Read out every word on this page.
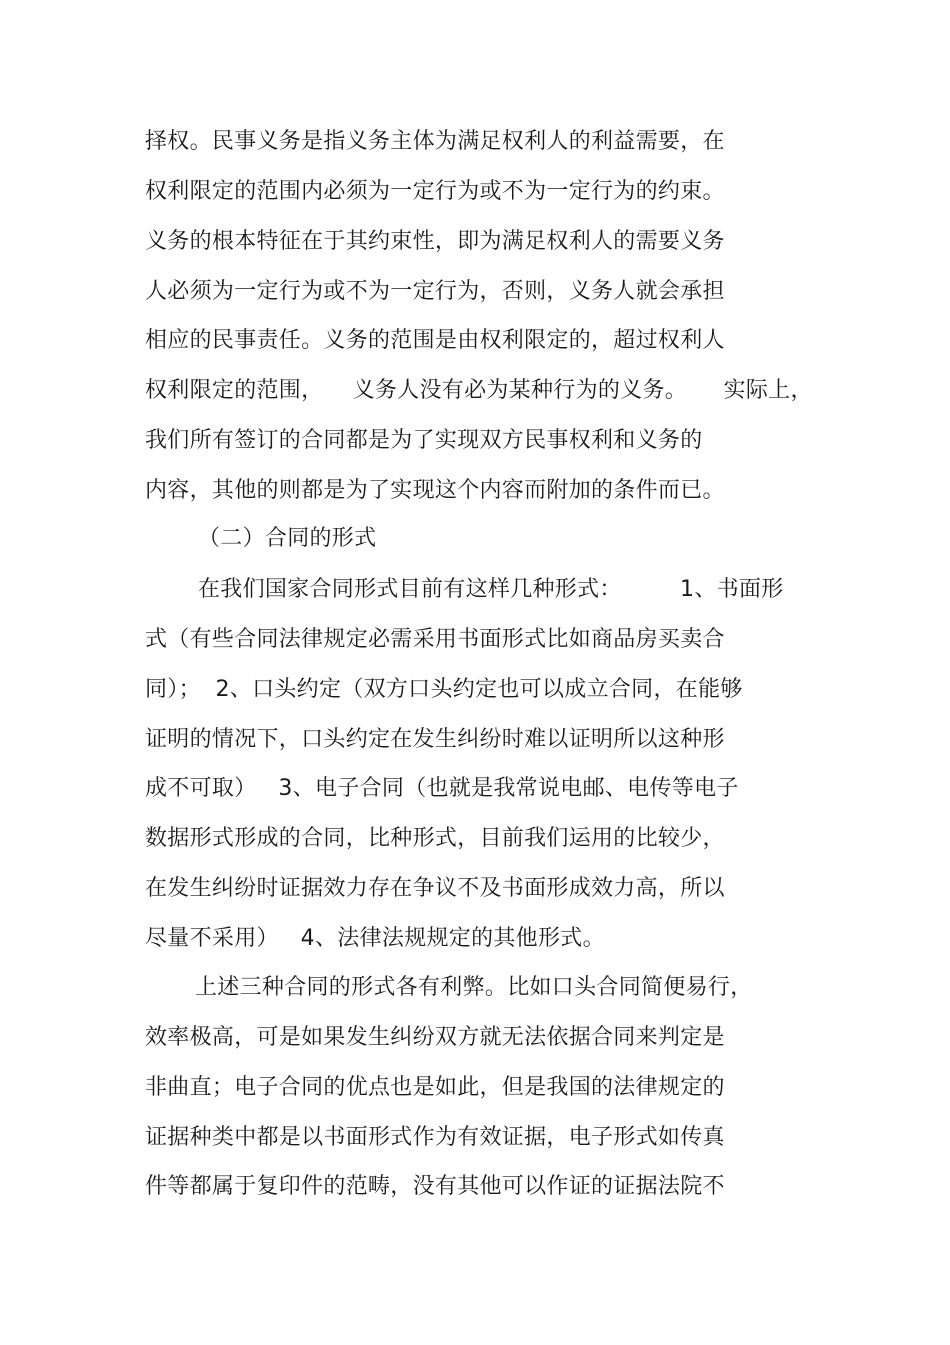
择权。民事义务是指义务主体为满足权利人的利益需要，在
权利限定的范围内必须为一定行为或不为一定行为的约束。
义务的根本特征在于其约束性，即为满足权利人的需要义务
人必须为一定行为或不为一定行为，否则，义务人就会承担
相应的民事责任。义务的范围是由权利限定的，超过权利人
权利限定的范围，    义务人没有必为某种行为的义务。     实际上，
我们所有签订的合同都是为了实现双方民事权利和义务的
内容，其他的则都是为了实现这个内容而附加的条件而已。
（二）合同的形式
在我们国家合同形式目前有这样几种形式：        1、书面形
式（有些合同法律规定必需采用书面形式比如商品房买卖合
同）；  2、口头约定（双方口头约定也可以成立合同，在能够
证明的情况下，口头约定在发生纠纷时难以证明所以这种形
成不可取）   3、电子合同（也就是我常说电邮、电传等电子
数据形式形成的合同，比种形式，目前我们运用的比较少，
在发生纠纷时证据效力存在争议不及书面形成效力高，所以
尽量不采用）   4、法律法规规定的其他形式。
上述三种合同的形式各有利弊。比如口头合同简便易行，
效率极高，可是如果发生纠纷双方就无法依据合同来判定是
非曲直；电子合同的优点也是如此，但是我国的法律规定的
证据种类中都是以书面形式作为有效证据，电子形式如传真
件等都属于复印件的范畴，没有其他可以作证的证据法院不
